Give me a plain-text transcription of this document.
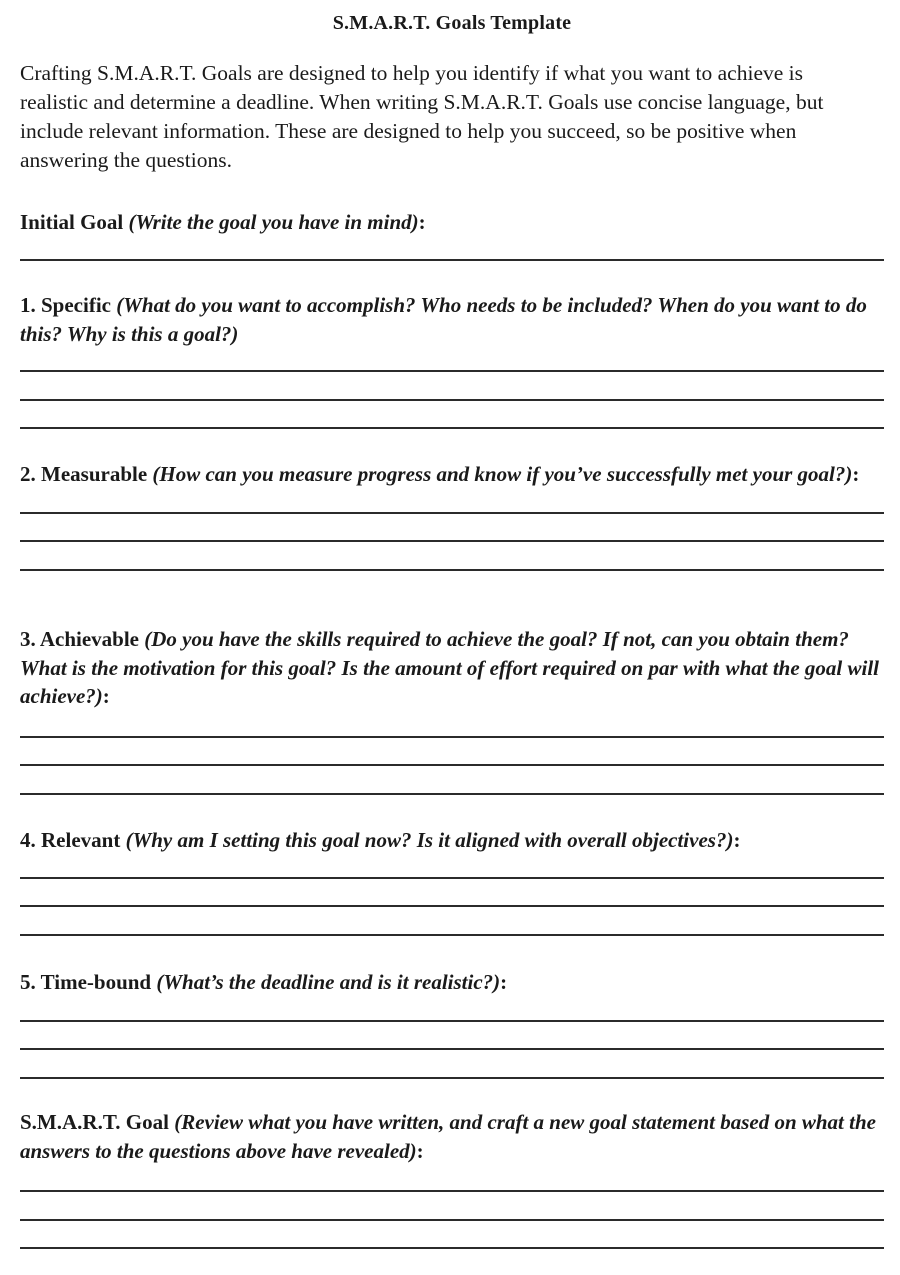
S.M.A.R.T. Goals Template

Crafting S.M.A.R.T. Goals are designed to help you identify if what you want to achieve is realistic and determine a deadline. When writing S.M.A.R.T. Goals use concise language, but include relevant information. These are designed to help you succeed, so be positive when answering the questions.

Initial Goal (Write the goal you have in mind):
1. Specific (What do you want to accomplish? Who needs to be included? When do you want to do this? Why is this a goal?)
2. Measurable (How can you measure progress and know if you’ve successfully met your goal?):
3. Achievable (Do you have the skills required to achieve the goal? If not, can you obtain them? What is the motivation for this goal? Is the amount of effort required on par with what the goal will achieve?):
4. Relevant (Why am I setting this goal now? Is it aligned with overall objectives?):
5. Time-bound (What’s the deadline and is it realistic?):
S.M.A.R.T. Goal (Review what you have written, and craft a new goal statement based on what the answers to the questions above have revealed):
